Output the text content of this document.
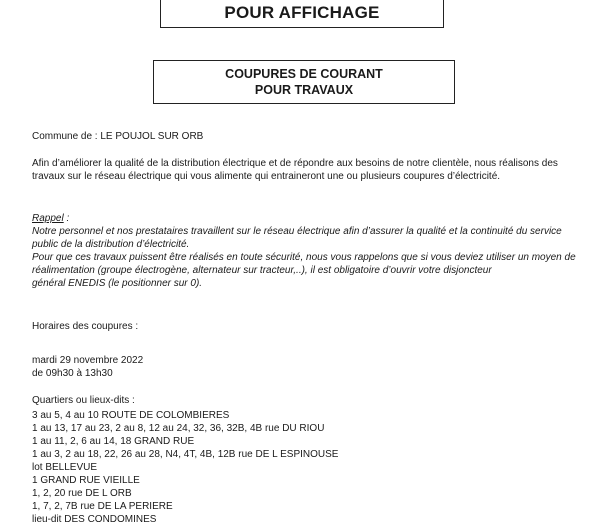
POUR AFFICHAGE
COUPURES DE COURANT
POUR TRAVAUX
Commune de : LE POUJOL SUR ORB
Afin d’améliorer la qualité de la distribution électrique et de répondre aux besoins de notre clientèle, nous réalisons des
travaux sur le réseau électrique qui vous alimente qui entraineront une ou plusieurs coupures d’électricité.
Rappel :
Notre personnel et nos prestataires travaillent sur le réseau électrique afin d’assurer la qualité et la continuité du service
public de la distribution d’électricité.
Pour que ces travaux puissent être réalisés en toute sécurité, nous vous rappelons que si vous deviez utiliser un moyen de
réalimentation (groupe électrogène, alternateur sur tracteur,..), il est obligatoire d’ouvrir votre disjoncteur
général ENEDIS (le positionner sur 0).
Horaires des coupures :
mardi 29 novembre 2022
de 09h30 à 13h30
Quartiers ou lieux-dits :
3 au 5, 4 au 10 ROUTE DE COLOMBIERES
1 au 13, 17 au 23, 2 au 8, 12 au 24, 32, 36, 32B, 4B rue DU RIOU
1 au 11, 2, 6 au 14, 18 GRAND RUE
1 au 3, 2 au 18, 22, 26 au 28, N4, 4T, 4B, 12B rue DE L ESPINOUSE
lot BELLEVUE
1 GRAND RUE VIEILLE
1, 2, 20 rue DE L ORB
1, 7, 2, 7B rue DE LA PERIERE
lieu-dit DES CONDOMINES
